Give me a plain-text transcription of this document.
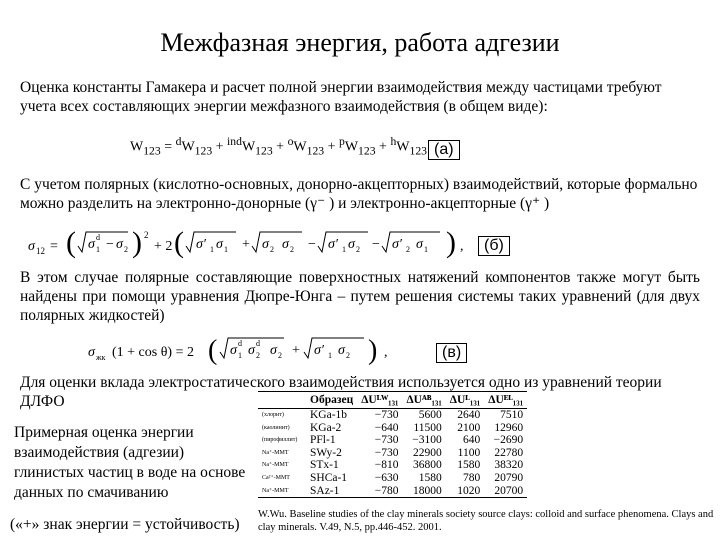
Межфазная энергия, работа адгезии
Оценка константы Гамакера и расчет полной энергии взаимодействия между частицами требуют учета всех составляющих энергии межфазного взаимодействия (в общем виде):
$W_{123} = ^dW_{123} + ^{ind}W_{123} + ^oW_{123} + ^pW_{123} + ^hW_{123}$ (а)
С учетом полярных (кислотно-основных, донорно-акцепторных) взаимодействий, которые формально можно разделить на электронно-донорные (γ⁻ ) и электронно-акцепторные (γ⁺ )
σ 12 = ( σ d
1 − σ 2 ) 2
+ 2 ( σ′ 1 σ 1 + σ 2 σ 2 − σ′ 1 σ 2 − σ′ 2 σ 1 ) ,	(б)
В этом случае полярные составляющие поверхностных натяжений компонентов также могут быть найдены при помощи уравнения Дюпре-Юнга – путем решения системы таких уравнений (для двух полярных жидкостей)
σ жк (1 + cos θ) = 2 ( σ d
1 σ d
2 σ 2 + σ′ 1 σ 2 ) ,	(в)
Для оценки вклада электростатического взаимодействия используется одно из уравнений теории ДЛФО
Примерная оценка энергии взаимодействия (адгезии) глинистых частиц в воде на основе данных по смачиванию
(«+» знак энергии = устойчивость)
	Образец	ΔUᴸᵂ₁₃₁	ΔUᴬᴮ₁₃₁	ΔUᴸ₁₃₁	ΔUᴱᴸ₁₃₁
(хлорит)	KGa-1b	−730	5600	2640	7510
(каолинит)	KGa-2	−640	11500	2100	12960
(пирофиллит)	PFl-1	−730	−3100	640	−2690
Na⁺-ММТ	SWy-2	−730	22900	1100	22780
Na⁺-ММТ	STx-1	−810	36800	1580	38320
Ca²⁺-ММТ	SHCa-1	−630	1580	780	20790
Na⁺-ММТ	SAz-1	−780	18000	1020	20700
W.Wu. Baseline studies of the clay minerals society source clays: colloid and surface phenomena. Clays and clay minerals. V.49, N.5, pp.446-452. 2001.
